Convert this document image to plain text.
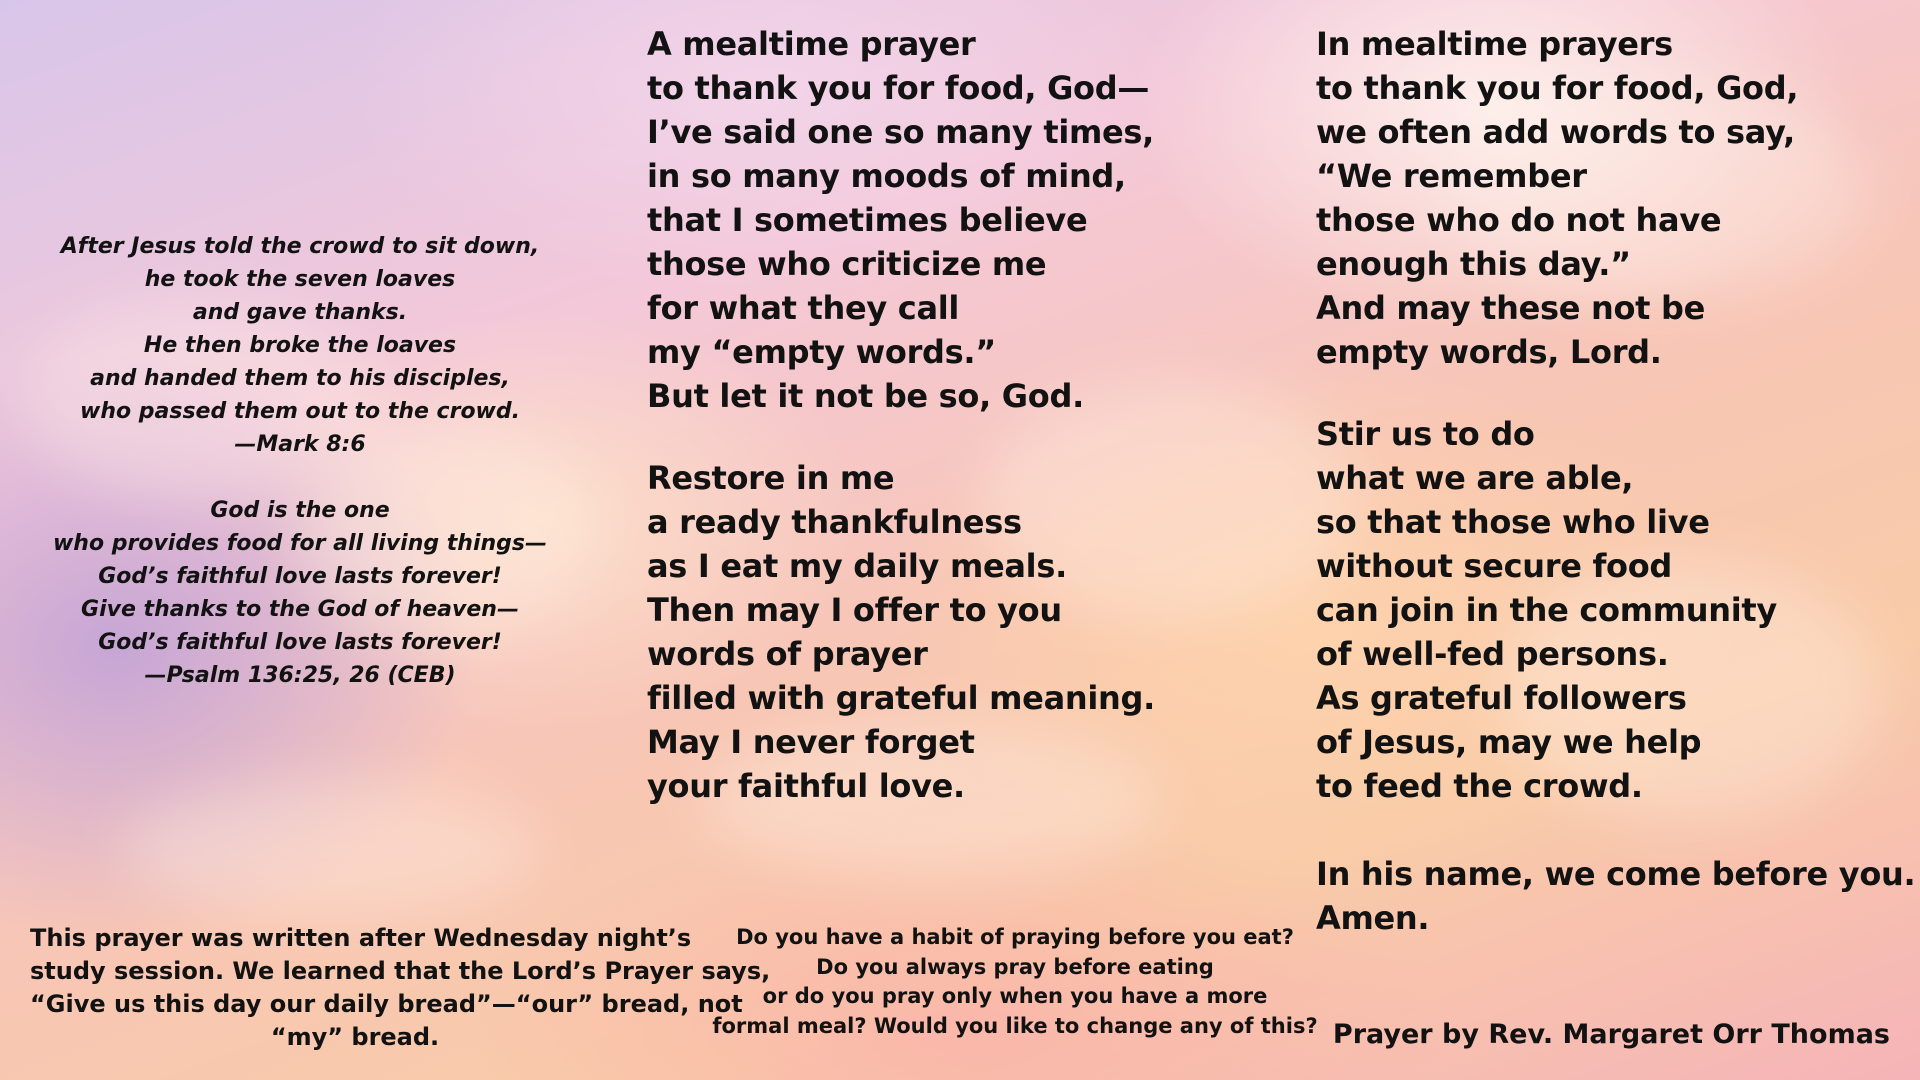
After Jesus told the crowd to sit down,
he took the seven loaves
and gave thanks.
He then broke the loaves
and handed them to his disciples,
who passed them out to the crowd.
—Mark 8:6
God is the one
who provides food for all living things—
God’s faithful love lasts forever!
Give thanks to the God of heaven—
God’s faithful love lasts forever!
—Psalm 136:25, 26 (CEB)
A mealtime prayer
to thank you for food, God—
I’ve said one so many times,
in so many moods of mind,
that I sometimes believe
those who criticize me
for what they call
my “empty words.”
But let it not be so, God.
Restore in me
a ready thankfulness
as I eat my daily meals.
Then may I offer to you
words of prayer
filled with grateful meaning.
May I never forget
your faithful love.
In mealtime prayers
to thank you for food, God,
we often add words to say,
“We remember
those who do not have
enough this day.”
And may these not be
empty words, Lord.
Stir us to do
what we are able,
so that those who live
without secure food
can join in the community
of well-fed persons.
As grateful followers
of Jesus, may we help
to feed the crowd.
In his name, we come before you.
Amen.
This prayer was written after Wednesday night’s
study session. We learned that the Lord’s Prayer says,
“Give us this day our daily bread”—“our” bread, not
“my” bread.
Do you have a habit of praying before you eat?
Do you always pray before eating
or do you pray only when you have a more
formal meal? Would you like to change any of this? Prayer by Rev. Margaret Orr Thomas
